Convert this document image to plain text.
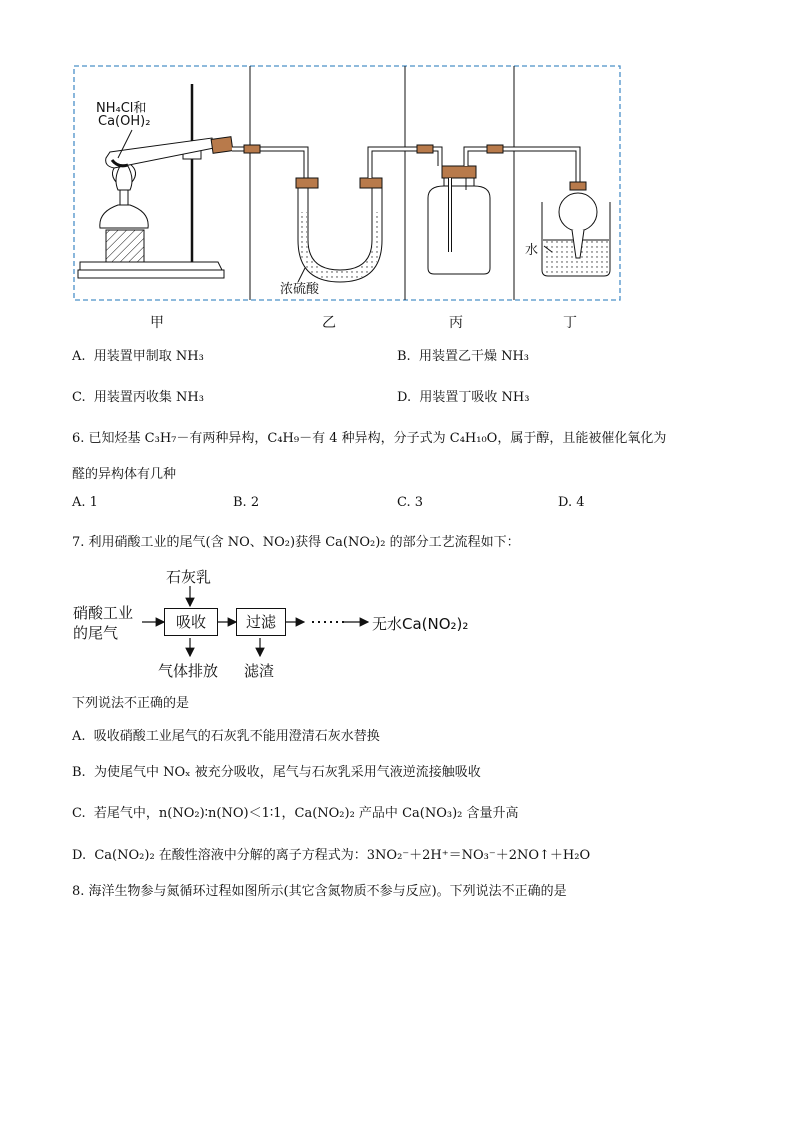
NH₄Cl和
Ca(OH)₂
浓硫酸
水
甲	乙	丙	丁
A. 用装置甲制取 NH₃	B. 用装置乙干燥 NH₃
C. 用装置丙收集 NH₃	D. 用装置丁吸收 NH₃
6. 已知烃基 C₃H₇－有两种异构，C₄H₉－有 4 种异构，分子式为 C₄H₁₀O，属于醇，且能被催化氧化为
醛的异构体有几种
A. 1	B. 2	C. 3	D. 4
7. 利用硝酸工业的尾气(含 NO、NO₂)获得 Ca(NO₂)₂ 的部分工艺流程如下：
石灰乳
硝酸工业
的尾气
吸收	过滤	无水Ca(NO₂)₂
气体排放 滤渣
下列说法不正确的是
A. 吸收硝酸工业尾气的石灰乳不能用澄清石灰水替换
B. 为使尾气中 NOₓ 被充分吸收，尾气与石灰乳采用气液逆流接触吸收
C. 若尾气中，n(NO₂)∶n(NO)＜1∶1，Ca(NO₂)₂ 产品中 Ca(NO₃)₂ 含量升高
D. Ca(NO₂)₂ 在酸性溶液中分解的离子方程式为：3NO₂⁻＋2H⁺＝NO₃⁻＋2NO↑＋H₂O
8. 海洋生物参与氮循环过程如图所示(其它含氮物质不参与反应)。下列说法不正确的是
